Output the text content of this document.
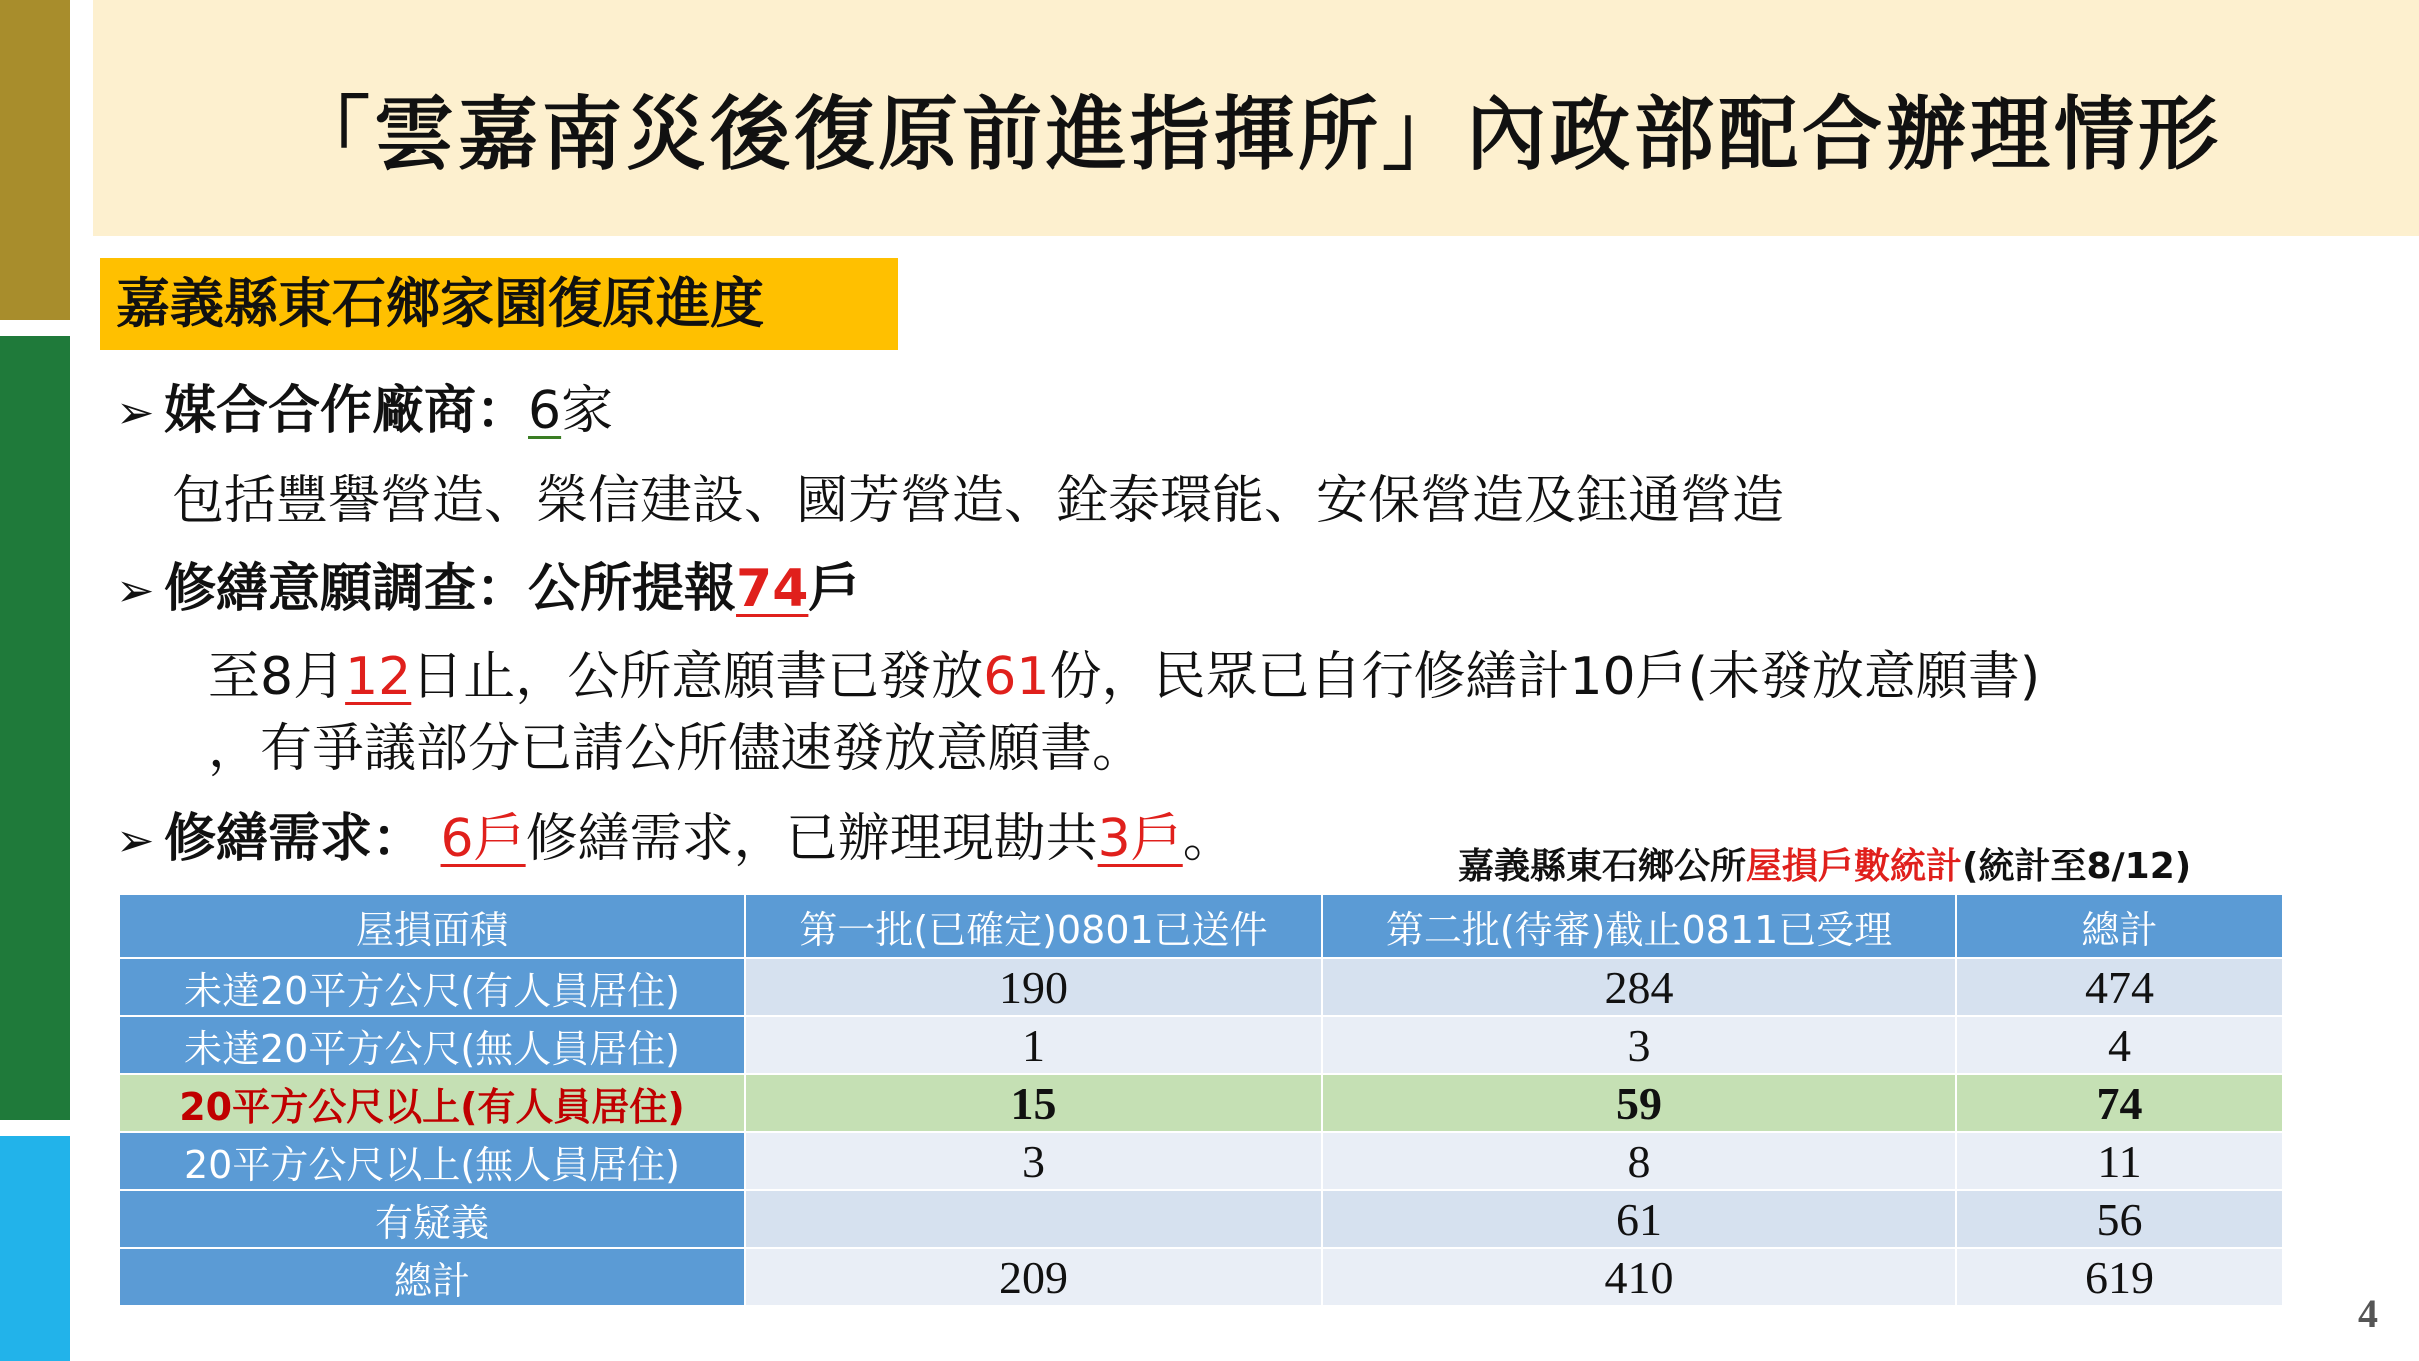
「雲嘉南災後復原前進指揮所」內政部配合辦理情形
嘉義縣東石鄉家園復原進度
➢ 媒合合作廠商：6家
包括豐譽營造、榮信建設、國芳營造、銓泰環能、安保營造及鈺通營造
➢ 修繕意願調查：公所提報74戶
至8月12日止，公所意願書已發放61份，民眾已自行修繕計10戶(未發放意願書)
，有爭議部分已請公所儘速發放意願書。
➢ 修繕需求： 6戶修繕需求，已辦理現勘共3戶。	嘉義縣東石鄉公所屋損戶數統計(統計至8/12)
屋損面積	第一批(已確定)0801已送件	第二批(待審)截止0811已受理	總計
未達20平方公尺(有人員居住)	190	284	474
未達20平方公尺(無人員居住)	1	3	4
20平方公尺以上(有人員居住)	15	59	74
20平方公尺以上(無人員居住)	3	8	11
有疑義		61	56
總計	209	410	619
4
